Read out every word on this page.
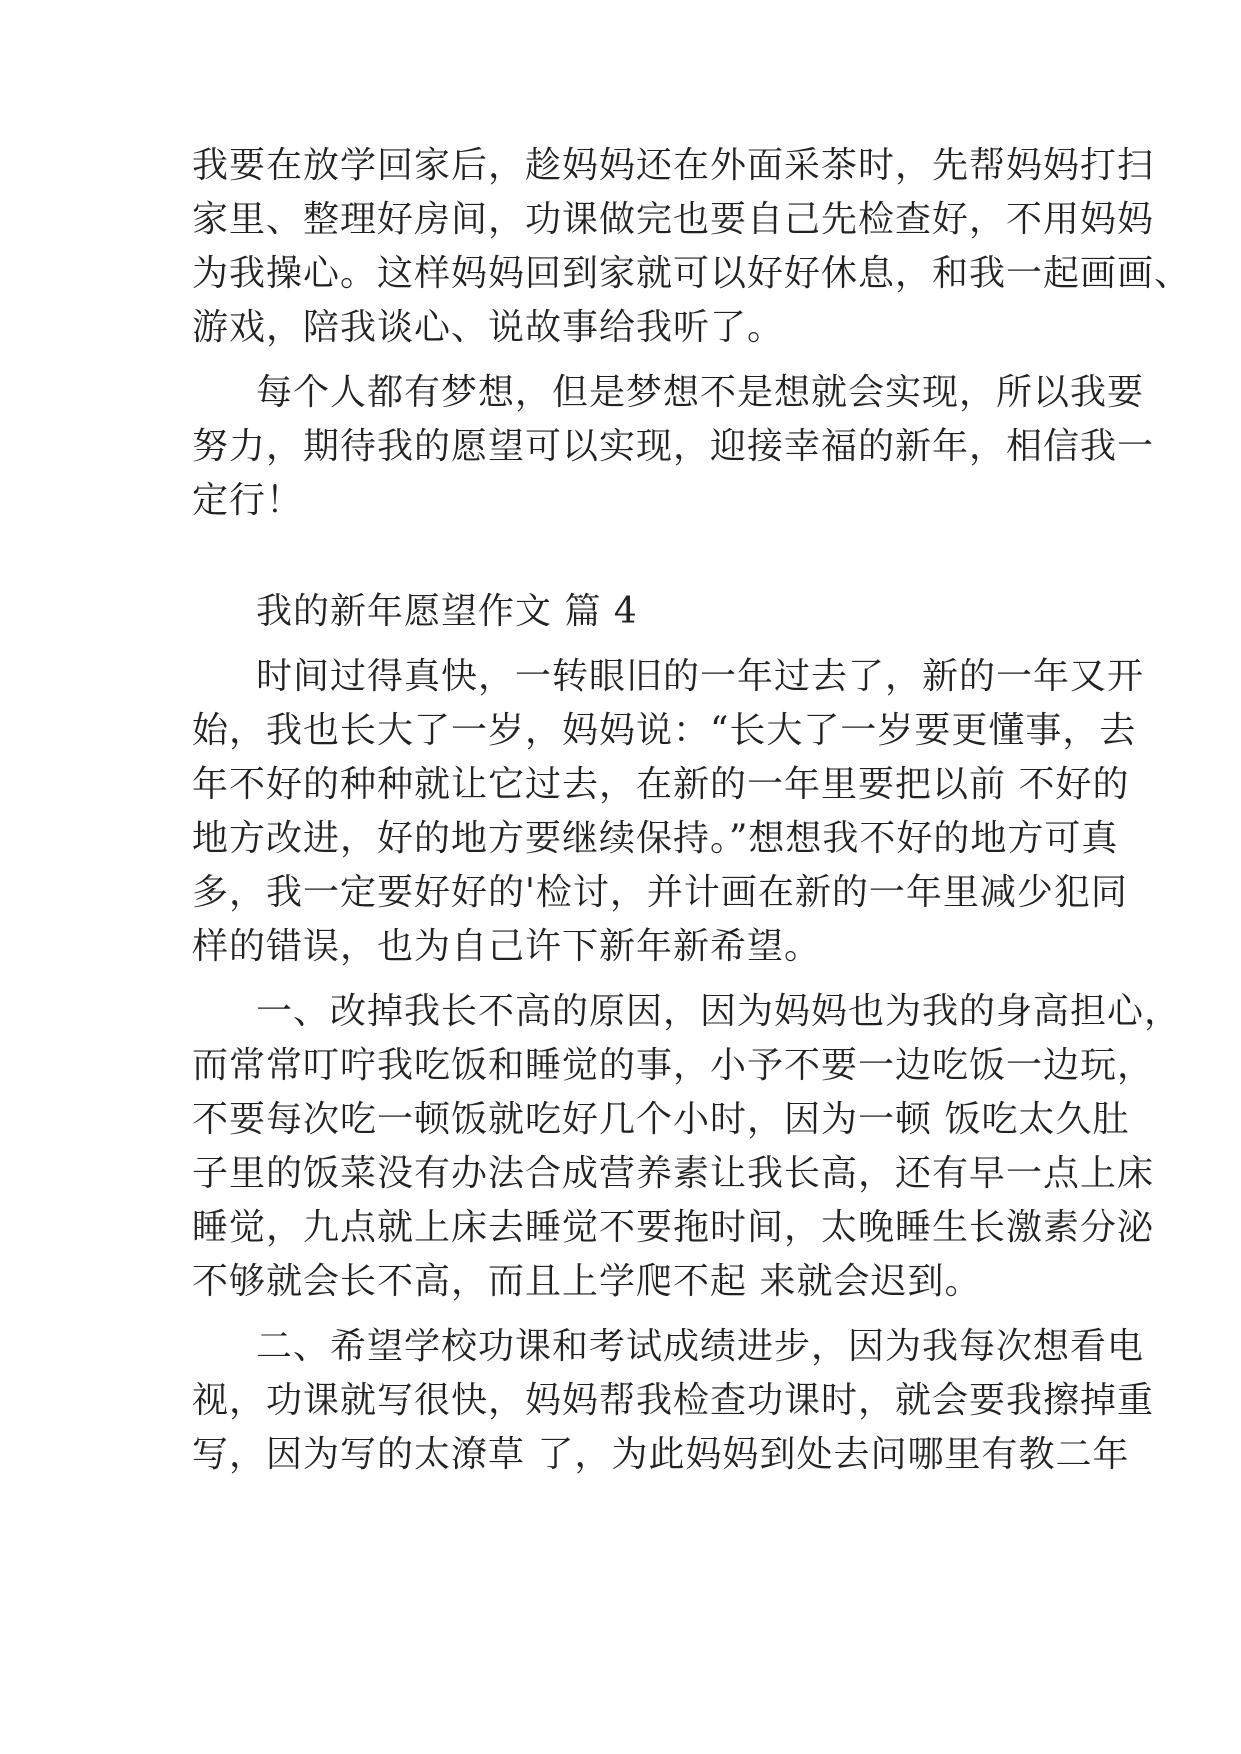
我要在放学回家后，趁妈妈还在外面采茶时，先帮妈妈打扫
家里、整理好房间，功课做完也要自己先检查好，不用妈妈
为我操心。这样妈妈回到家就可以好好休息，和我一起画画、
游戏，陪我谈心、说故事给我听了。
每个人都有梦想，但是梦想不是想就会实现，所以我要
努力，期待我的愿望可以实现，迎接幸福的新年，相信我一
定行！
我的新年愿望作文 篇 4
时间过得真快，一转眼旧的一年过去了，新的一年又开
始，我也长大了一岁，妈妈说：“长大了一岁要更懂事，去
年不好的种种就让它过去，在新的一年里要把以前 不好的
地方改进，好的地方要继续保持。”想想我不好的地方可真
多，我一定要好好的'检讨，并计画在新的一年里减少犯同
样的错误，也为自己许下新年新希望。
一、改掉我长不高的原因，因为妈妈也为我的身高担心，
而常常叮咛我吃饭和睡觉的事，小予不要一边吃饭一边玩，
不要每次吃一顿饭就吃好几个小时，因为一顿 饭吃太久肚
子里的饭菜没有办法合成营养素让我长高，还有早一点上床
睡觉，九点就上床去睡觉不要拖时间，太晚睡生长激素分泌
不够就会长不高，而且上学爬不起 来就会迟到。
二、希望学校功课和考试成绩进步，因为我每次想看电
视，功课就写很快，妈妈帮我检查功课时，就会要我擦掉重
写，因为写的太潦草 了，为此妈妈到处去问哪里有教二年
